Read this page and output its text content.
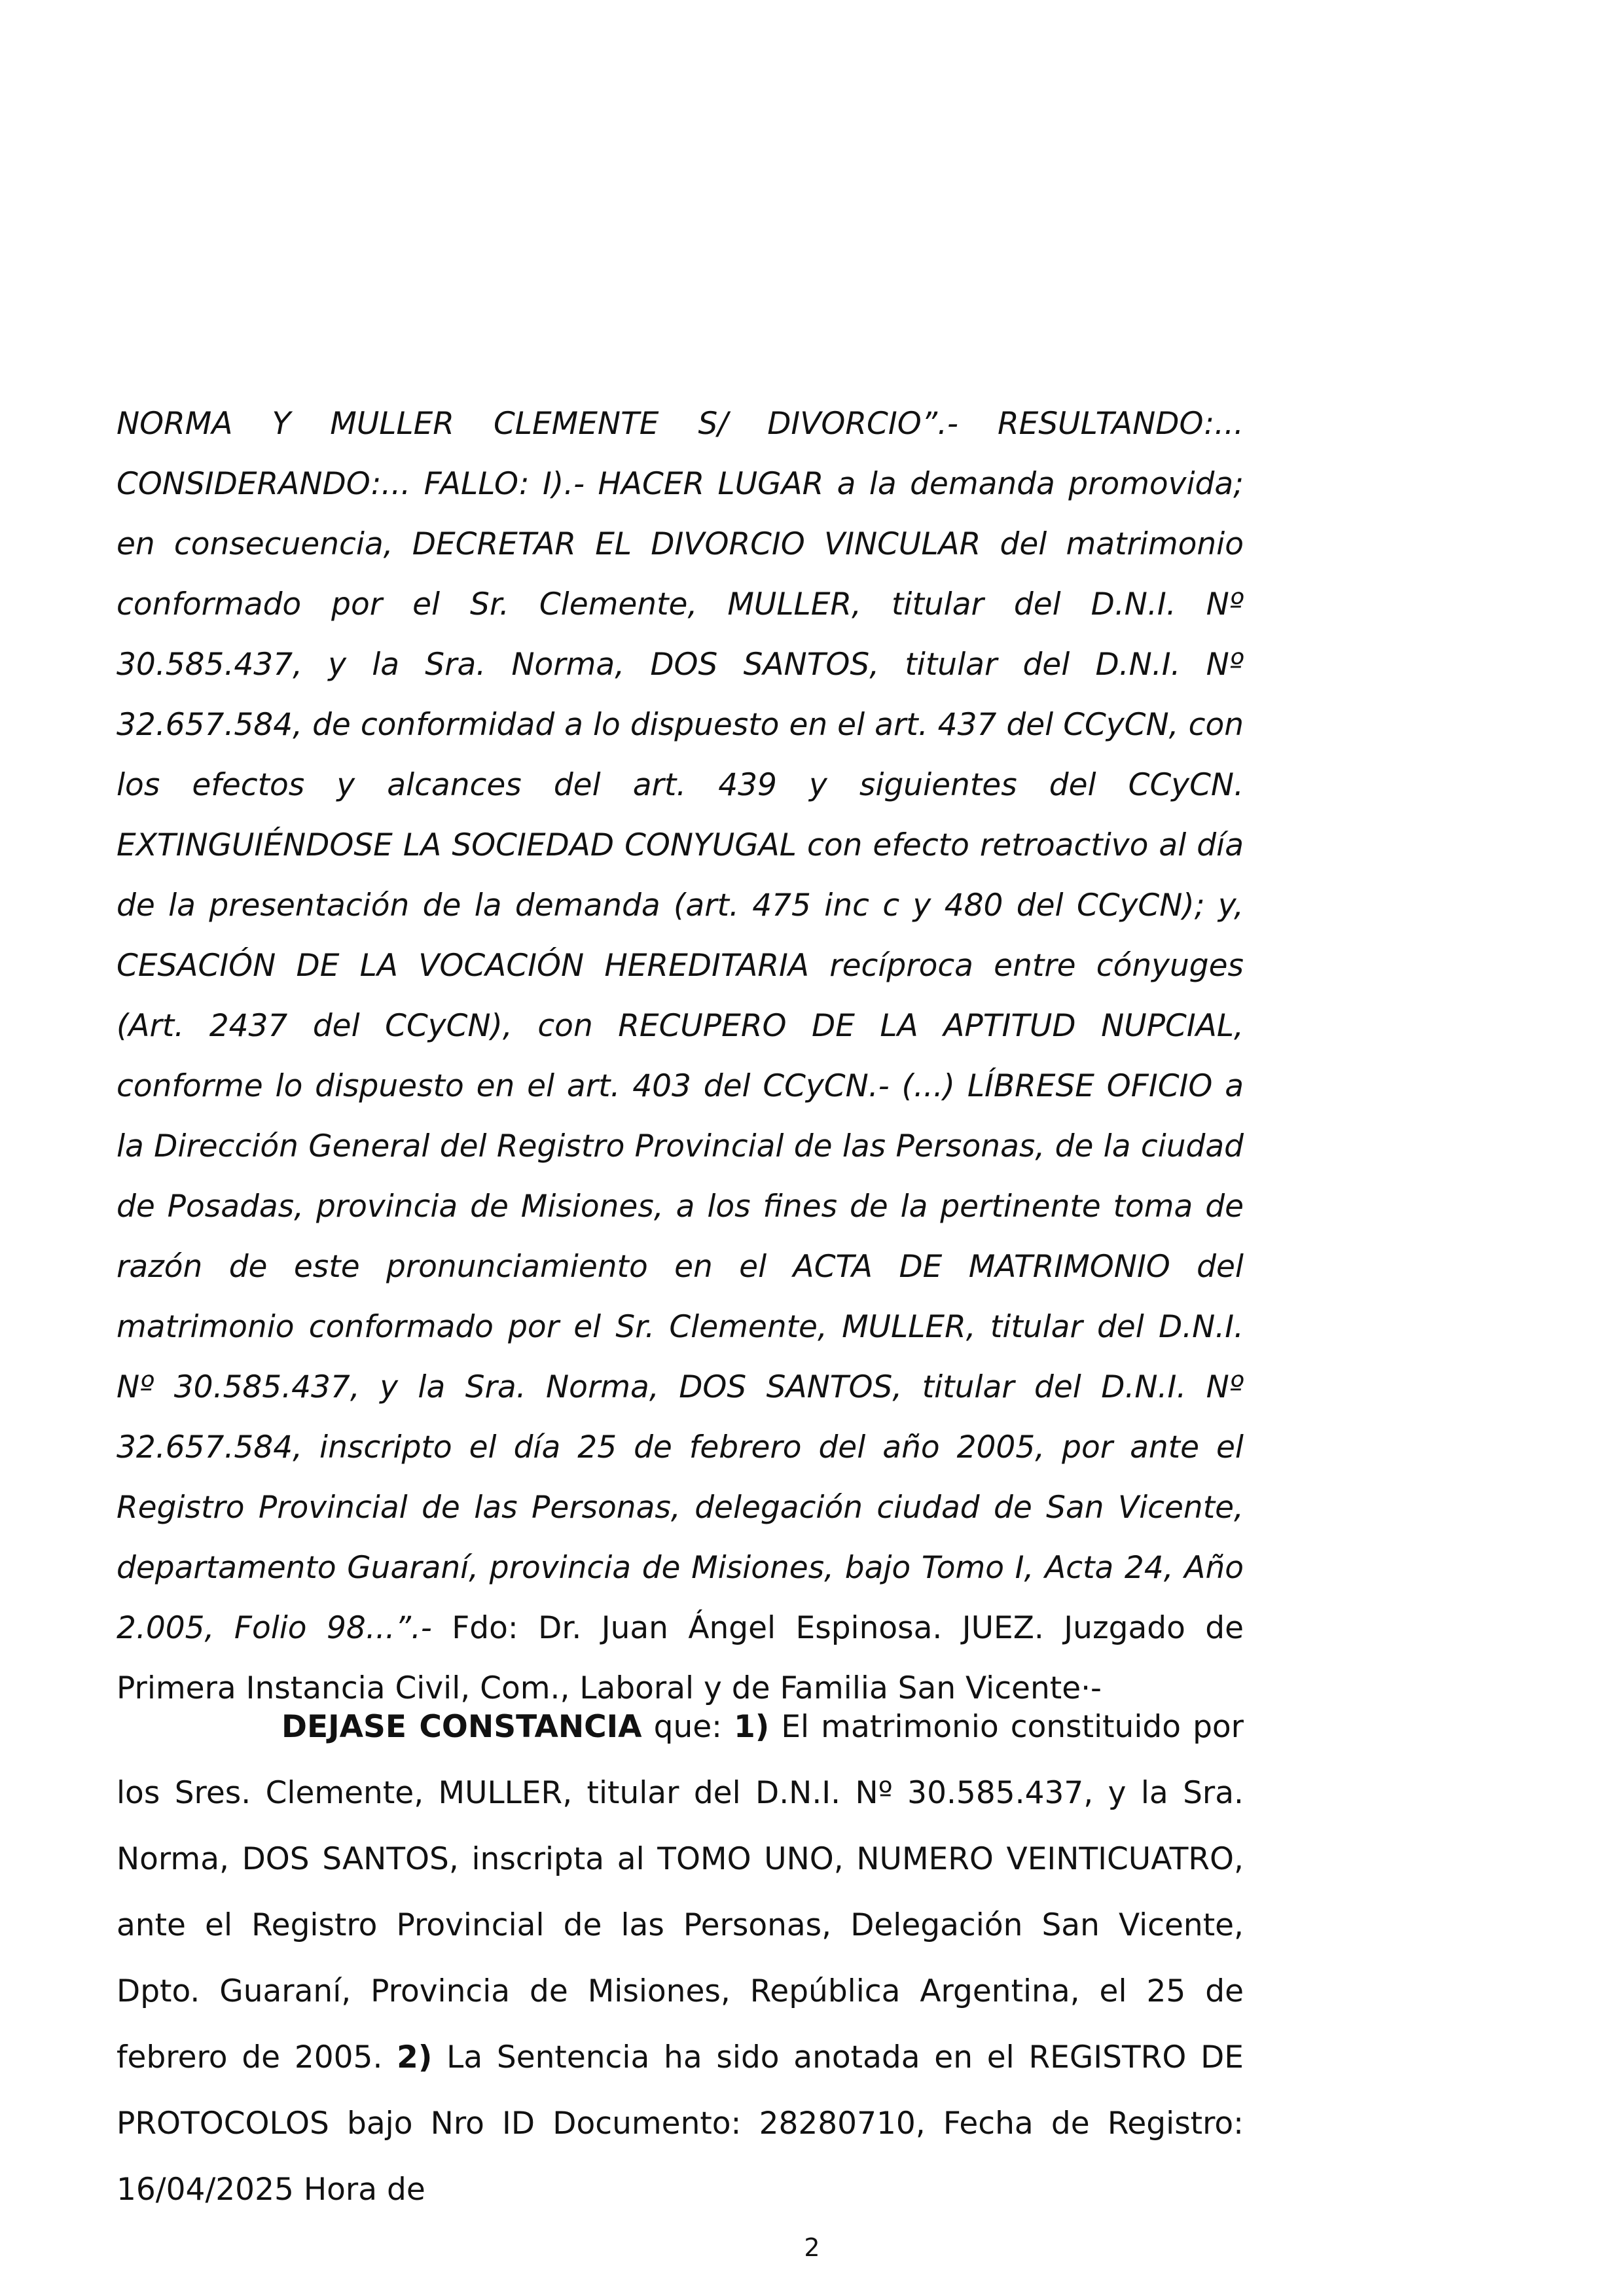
NORMA Y MULLER CLEMENTE S/ DIVORCIO”.- RESULTANDO:... CONSIDERANDO:... FALLO: I).- HACER LUGAR a la demanda promovida; en consecuencia, DECRETAR EL DIVORCIO VINCULAR del matrimonio conformado por el Sr. Clemente, MULLER, titular del D.N.I. Nº 30.585.437, y la Sra. Norma, DOS SANTOS, titular del D.N.I. Nº 32.657.584, de conformidad a lo dispuesto en el art. 437 del CCyCN, con los efectos y alcances del art. 439 y siguientes del CCyCN. EXTINGUIÉNDOSE LA SOCIEDAD CONYUGAL con efecto retroactivo al día de la presentación de la demanda (art. 475 inc c y 480 del CCyCN); y, CESACIÓN DE LA VOCACIÓN HEREDITARIA recíproca entre cónyuges (Art. 2437 del CCyCN), con RECUPERO DE LA APTITUD NUPCIAL, conforme lo dispuesto en el art. 403 del CCyCN.- (...) LÍBRESE OFICIO a la Dirección General del Registro Provincial de las Personas, de la ciudad de Posadas, provincia de Misiones, a los fines de la pertinente toma de razón de este pronunciamiento en el ACTA DE MATRIMONIO del matrimonio conformado por el Sr. Clemente, MULLER, titular del D.N.I. Nº 30.585.437, y la Sra. Norma, DOS SANTOS, titular del D.N.I. Nº 32.657.584, inscripto el día 25 de febrero del año 2005, por ante el Registro Provincial de las Personas, delegación ciudad de San Vicente, departamento Guaraní, provincia de Misiones, bajo Tomo I, Acta 24, Año 2.005, Folio 98...”.- Fdo: Dr. Juan Ángel Espinosa. JUEZ. Juzgado de Primera Instancia Civil, Com., Laboral y de Familia San Vicente·-

DEJASE CONSTANCIA que: 1) El matrimonio constituido por los Sres. Clemente, MULLER, titular del D.N.I. Nº 30.585.437, y la Sra. Norma, DOS SANTOS, inscripta al TOMO UNO, NUMERO VEINTICUATRO, ante el Registro Provincial de las Personas, Delegación San Vicente, Dpto. Guaraní, Provincia de Misiones, República Argentina, el 25 de febrero de 2005. 2) La Sentencia ha sido anotada en el REGISTRO DE PROTOCOLOS bajo Nro ID Documento: 28280710, Fecha de Registro: 16/04/2025 Hora de

2
